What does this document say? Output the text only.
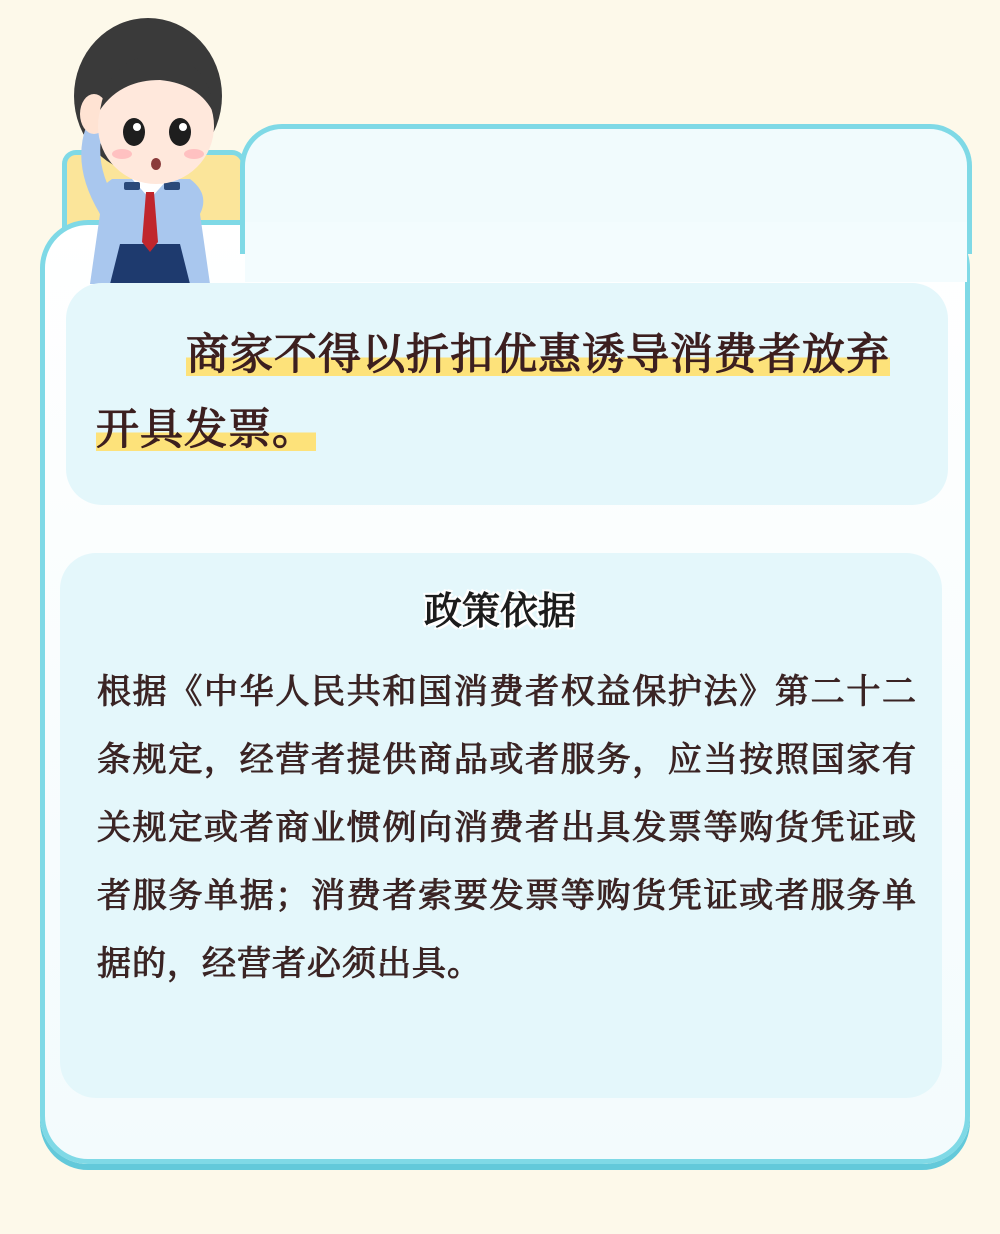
商家不得以折扣优惠诱导消费者放弃开具发票。
政策依据
根据《中华人民共和国消费者权益保护法》第二十二条规定，经营者提供商品或者服务，应当按照国家有关规定或者商业惯例向消费者出具发票等购货凭证或者服务单据；消费者索要发票等购货凭证或者服务单据的，经营者必须出具。
